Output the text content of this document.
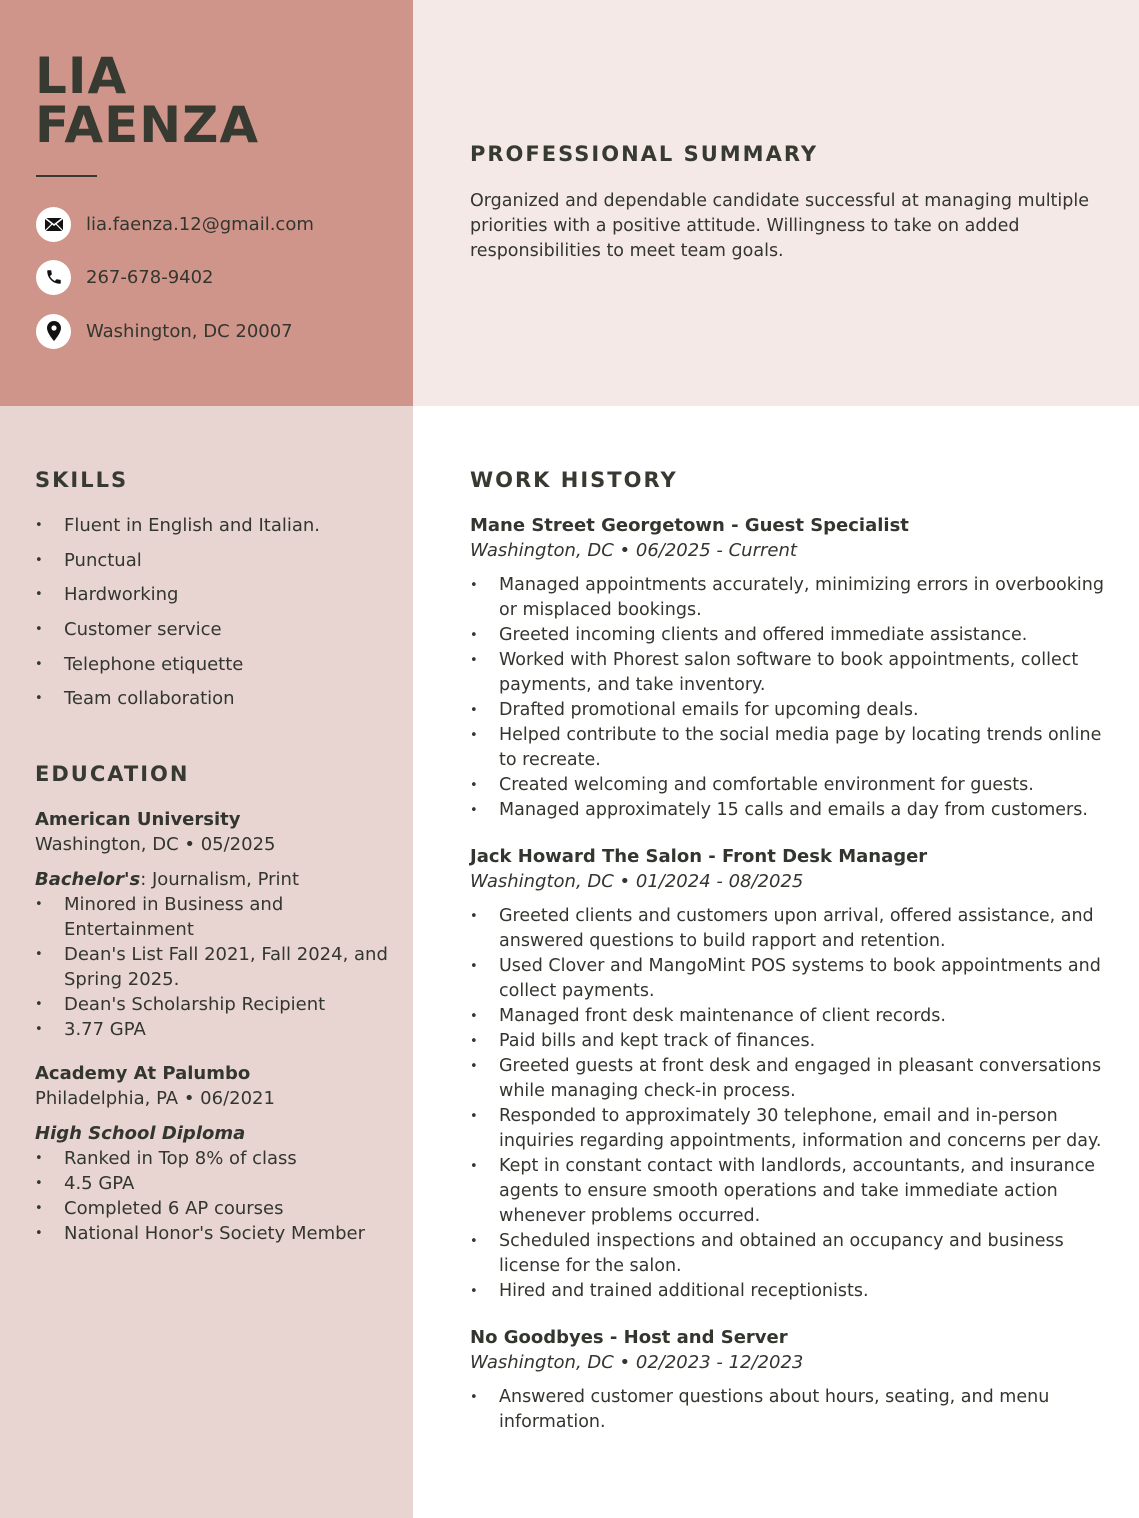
LIA
FAENZA
lia.faenza.12@gmail.com
267-678-9402
Washington, DC 20007
PROFESSIONAL SUMMARY
Organized and dependable candidate successful at managing multiple priorities with a positive attitude. Willingness to take on added responsibilities to meet team goals.
SKILLS
• Fluent in English and Italian.
• Punctual
• Hardworking
• Customer service
• Telephone etiquette
• Team collaboration
EDUCATION
American University
Washington, DC • 05/2025
Bachelor's: Journalism, Print
• Minored in Business and Entertainment
• Dean's List Fall 2021, Fall 2024, and Spring 2025.
• Dean's Scholarship Recipient
• 3.77 GPA
Academy At Palumbo
Philadelphia, PA • 06/2021
High School Diploma
• Ranked in Top 8% of class
• 4.5 GPA
• Completed 6 AP courses
• National Honor's Society Member
WORK HISTORY
Mane Street Georgetown - Guest Specialist
Washington, DC • 06/2025 - Current
• Managed appointments accurately, minimizing errors in overbooking or misplaced bookings.
• Greeted incoming clients and offered immediate assistance.
• Worked with Phorest salon software to book appointments, collect payments, and take inventory.
• Drafted promotional emails for upcoming deals.
• Helped contribute to the social media page by locating trends online to recreate.
• Created welcoming and comfortable environment for guests.
• Managed approximately 15 calls and emails a day from customers.
Jack Howard The Salon - Front Desk Manager
Washington, DC • 01/2024 - 08/2025
• Greeted clients and customers upon arrival, offered assistance, and answered questions to build rapport and retention.
• Used Clover and MangoMint POS systems to book appointments and collect payments.
• Managed front desk maintenance of client records.
• Paid bills and kept track of finances.
• Greeted guests at front desk and engaged in pleasant conversations while managing check-in process.
• Responded to approximately 30 telephone, email and in-person inquiries regarding appointments, information and concerns per day.
• Kept in constant contact with landlords, accountants, and insurance agents to ensure smooth operations and take immediate action whenever problems occurred.
• Scheduled inspections and obtained an occupancy and business license for the salon.
• Hired and trained additional receptionists.
No Goodbyes - Host and Server
Washington, DC • 02/2023 - 12/2023
• Answered customer questions about hours, seating, and menu information.
